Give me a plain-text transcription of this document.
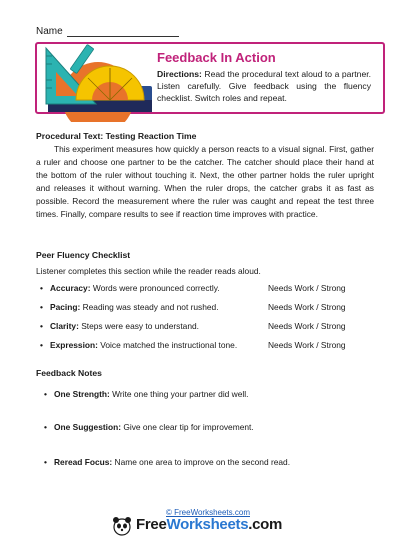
Name
Feedback In Action
Directions: Read the procedural text aloud to a partner. Listen carefully. Give feedback using the fluency checklist. Switch roles and repeat.
Procedural Text: Testing Reaction Time
This experiment measures how quickly a person reacts to a visual signal. First, gather a ruler and choose one partner to be the catcher. The catcher should place their hand at the bottom of the ruler without touching it. Next, the other partner holds the ruler upright and releases it without warning. When the ruler drops, the catcher grabs it as fast as possible. Record the measurement where the ruler was caught and repeat the test three times. Finally, compare results to see if reaction time improves with practice.
Peer Fluency Checklist
Listener completes this section while the reader reads aloud.
• Accuracy: Words were pronounced correctly.	Needs Work / Strong
• Pacing: Reading was steady and not rushed.	Needs Work / Strong
• Clarity: Steps were easy to understand.	Needs Work / Strong
• Expression: Voice matched the instructional tone.	Needs Work / Strong
Feedback Notes
• One Strength: Write one thing your partner did well.
• One Suggestion: Give one clear tip for improvement.
• Reread Focus: Name one area to improve on the second read.
© FreeWorksheets.com
FreeWorksheets.com
